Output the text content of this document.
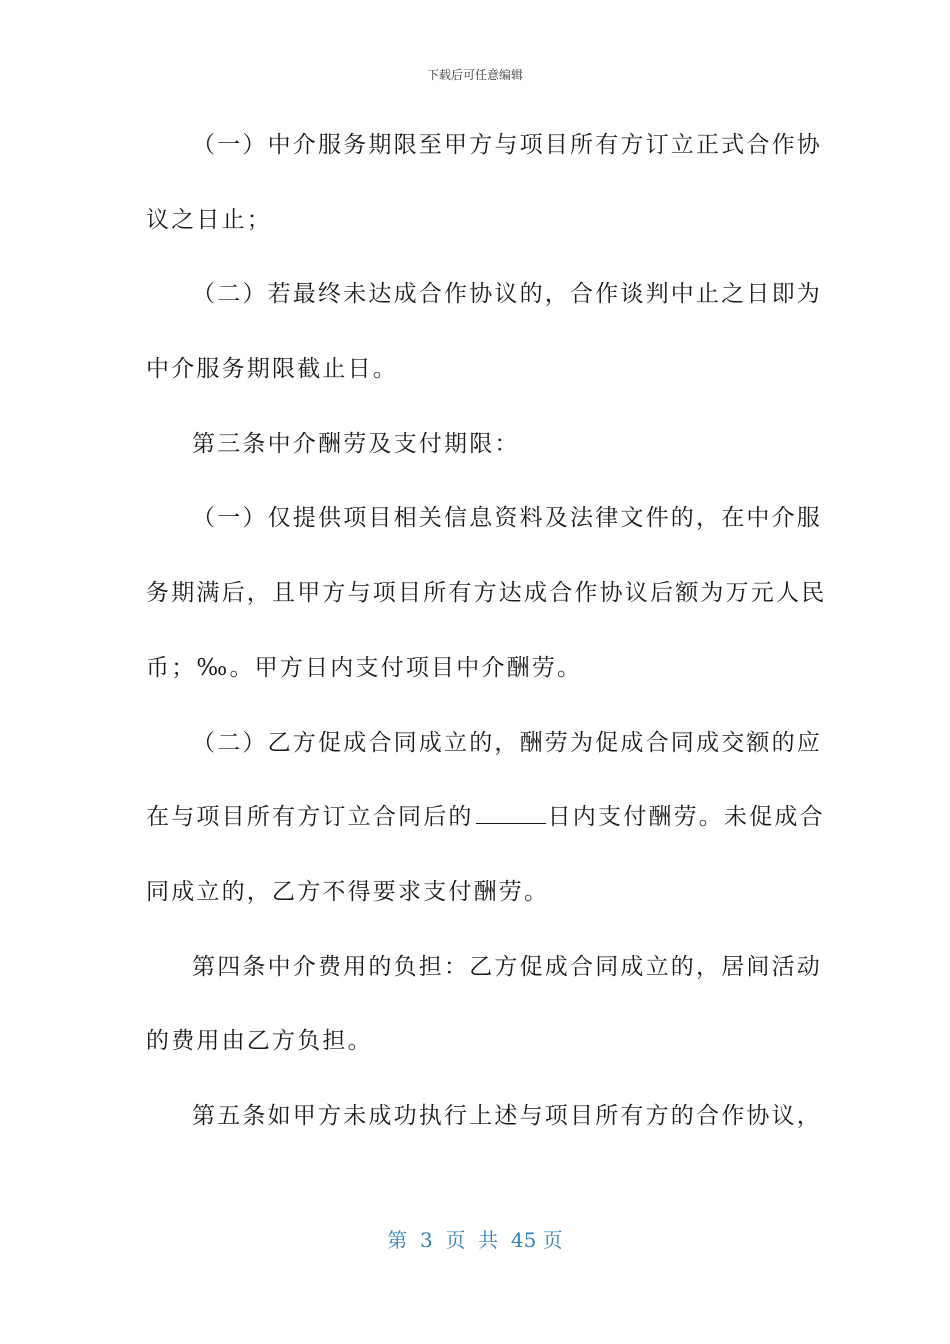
下载后可任意编辑
（一）中介服务期限至甲方与项目所有方订立正式合作协
议之日止；
（二）若最终未达成合作协议的，合作谈判中止之日即为
中介服务期限截止日。
第三条中介酬劳及支付期限：
（一）仅提供项目相关信息资料及法律文件的，在中介服
务期满后，且甲方与项目所有方达成合作协议后额为万元人民
币；‰。甲方日内支付项目中介酬劳。
（二）乙方促成合同成立的，酬劳为促成合同成交额的应
在与项目所有方订立合同后的	日内支付酬劳。未促成合
同成立的，乙方不得要求支付酬劳。
第四条中介费用的负担：乙方促成合同成立的，居间活动
的费用由乙方负担。
第五条如甲方未成功执行上述与项目所有方的合作协议，
第  3  页  共  45 页
